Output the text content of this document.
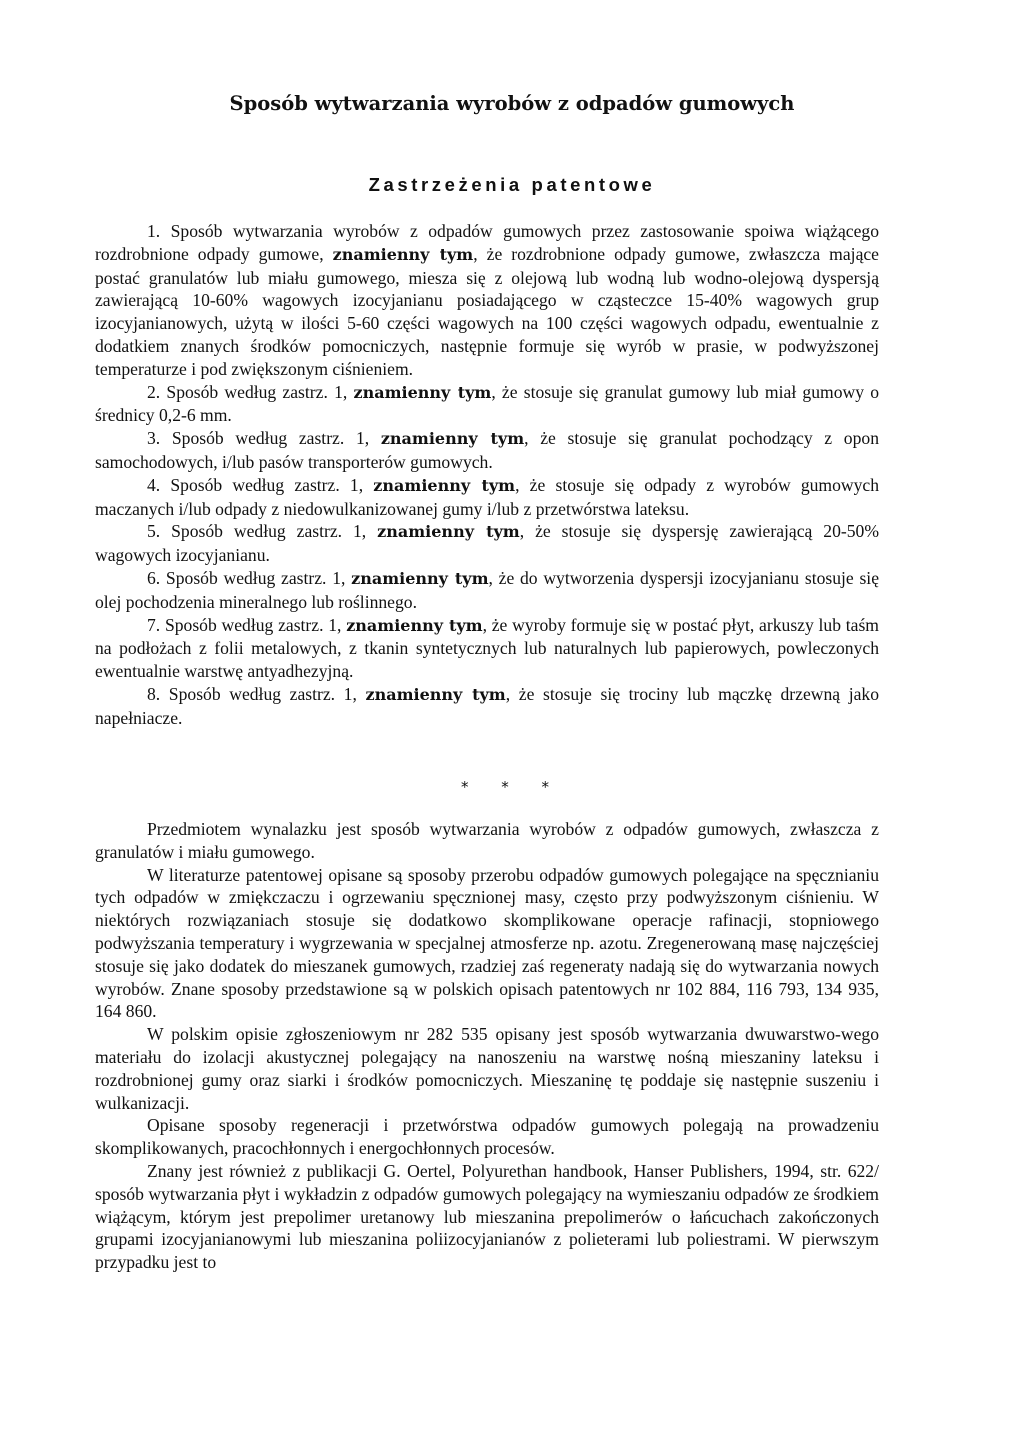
Sposób wytwarzania wyrobów z odpadów gumowych
Zastrzeżenia patentowe

1. Sposób wytwarzania wyrobów z odpadów gumowych przez zastosowanie spoiwa wiążącego rozdrobnione odpady gumowe, znamienny tym, że rozdrobnione odpady gumowe, zwłaszcza mające postać granulatów lub miału gumowego, miesza się z olejową lub wodną lub wodno-olejową dyspersją zawierającą 10-60% wagowych izocyjanianu posiadającego w cząsteczce 15-40% wagowych grup izocyjanianowych, użytą w ilości 5-60 części wagowych na 100 części wagowych odpadu, ewentualnie z dodatkiem znanych środków pomocniczych, następnie formuje się wyrób w prasie, w podwyższonej temperaturze i pod zwiększonym ciśnieniem.

2. Sposób według zastrz. 1, znamienny tym, że stosuje się granulat gumowy lub miał gumowy o średnicy 0,2-6 mm.

3. Sposób według zastrz. 1, znamienny tym, że stosuje się granulat pochodzący z opon samochodowych, i/lub pasów transporterów gumowych.

4. Sposób według zastrz. 1, znamienny tym, że stosuje się odpady z wyrobów gumowych maczanych i/lub odpady z niedowulkanizowanej gumy i/lub z przetwórstwa lateksu.

5. Sposób według zastrz. 1, znamienny tym, że stosuje się dyspersję zawierającą 20-50% wagowych izocyjanianu.

6. Sposób według zastrz. 1, znamienny tym, że do wytworzenia dyspersji izocyjanianu stosuje się olej pochodzenia mineralnego lub roślinnego.

7. Sposób według zastrz. 1, znamienny tym, że wyroby formuje się w postać płyt, arkuszy lub taśm na podłożach z folii metalowych, z tkanin syntetycznych lub naturalnych lub papierowych, powleczonych ewentualnie warstwę antyadhezyjną.

8. Sposób według zastrz. 1, znamienny tym, że stosuje się trociny lub mączkę drzewną jako napełniacze.

* * *

Przedmiotem wynalazku jest sposób wytwarzania wyrobów z odpadów gumowych, zwłaszcza z granulatów i miału gumowego.

W literaturze patentowej opisane są sposoby przerobu odpadów gumowych polegające na spęcznianiu tych odpadów w zmiękczaczu i ogrzewaniu spęcznionej masy, często przy podwyższonym ciśnieniu. W niektórych rozwiązaniach stosuje się dodatkowo skomplikowane operacje rafinacji, stopniowego podwyższania temperatury i wygrzewania w specjalnej atmosferze np. azotu. Zregenerowaną masę najczęściej stosuje się jako dodatek do mieszanek gumowych, rzadziej zaś regeneraty nadają się do wytwarzania nowych wyrobów. Znane sposoby przedstawione są w polskich opisach patentowych nr 102 884, 116 793, 134 935, 164 860.

W polskim opisie zgłoszeniowym nr 282 535 opisany jest sposób wytwarzania dwuwarstwo-wego materiału do izolacji akustycznej polegający na nanoszeniu na warstwę nośną mieszaniny lateksu i rozdrobnionej gumy oraz siarki i środków pomocniczych. Mieszaninę tę poddaje się następnie suszeniu i wulkanizacji.

Opisane sposoby regeneracji i przetwórstwa odpadów gumowych polegają na prowadzeniu skomplikowanych, pracochłonnych i energochłonnych procesów.

Znany jest również z publikacji G. Oertel, Polyurethan handbook, Hanser Publishers, 1994, str. 622/ sposób wytwarzania płyt i wykładzin z odpadów gumowych polegający na wymieszaniu odpadów ze środkiem wiążącym, którym jest prepolimer uretanowy lub mieszanina prepolimerów o łańcuchach zakończonych grupami izocyjanianowymi lub mieszanina poliizocyjanianów z polieterami lub poliestrami. W pierwszym przypadku jest to
